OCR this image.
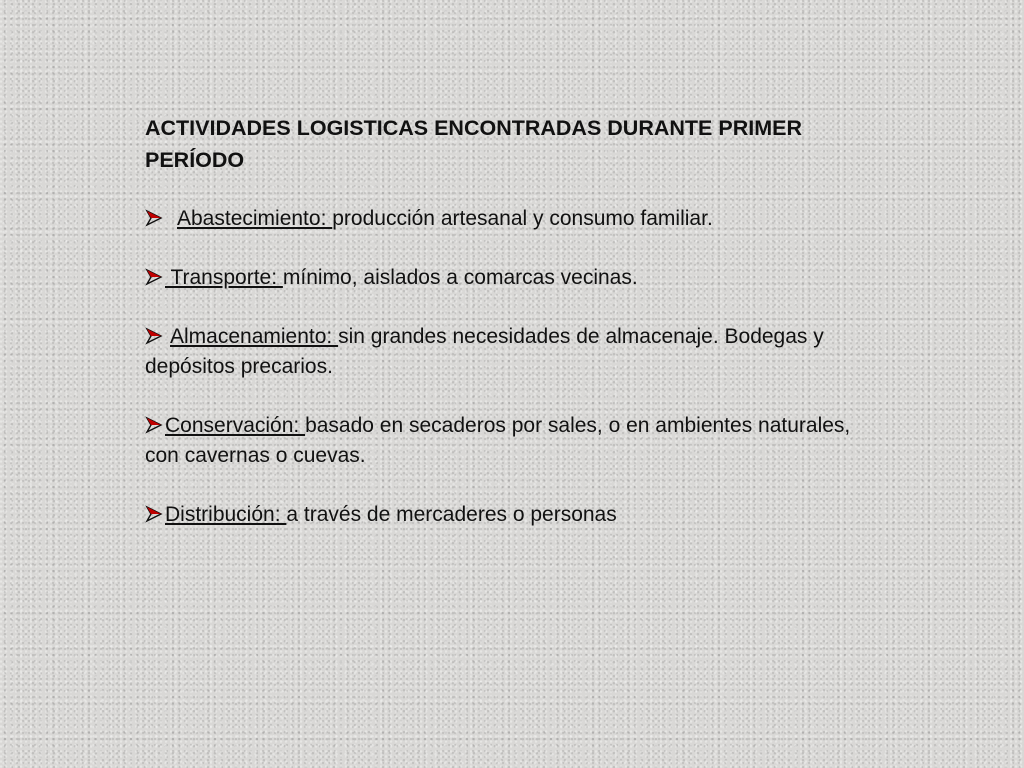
ACTIVIDADES LOGISTICAS ENCONTRADAS DURANTE PRIMER PERÍODO
Abastecimiento: producción artesanal y consumo familiar.
Transporte: mínimo, aislados a comarcas vecinas.
Almacenamiento: sin grandes necesidades de almacenaje. Bodegas y depósitos precarios.
Conservación: basado en secaderos por sales, o en ambientes naturales, con cavernas o cuevas.
Distribución: a través de mercaderes o personas
